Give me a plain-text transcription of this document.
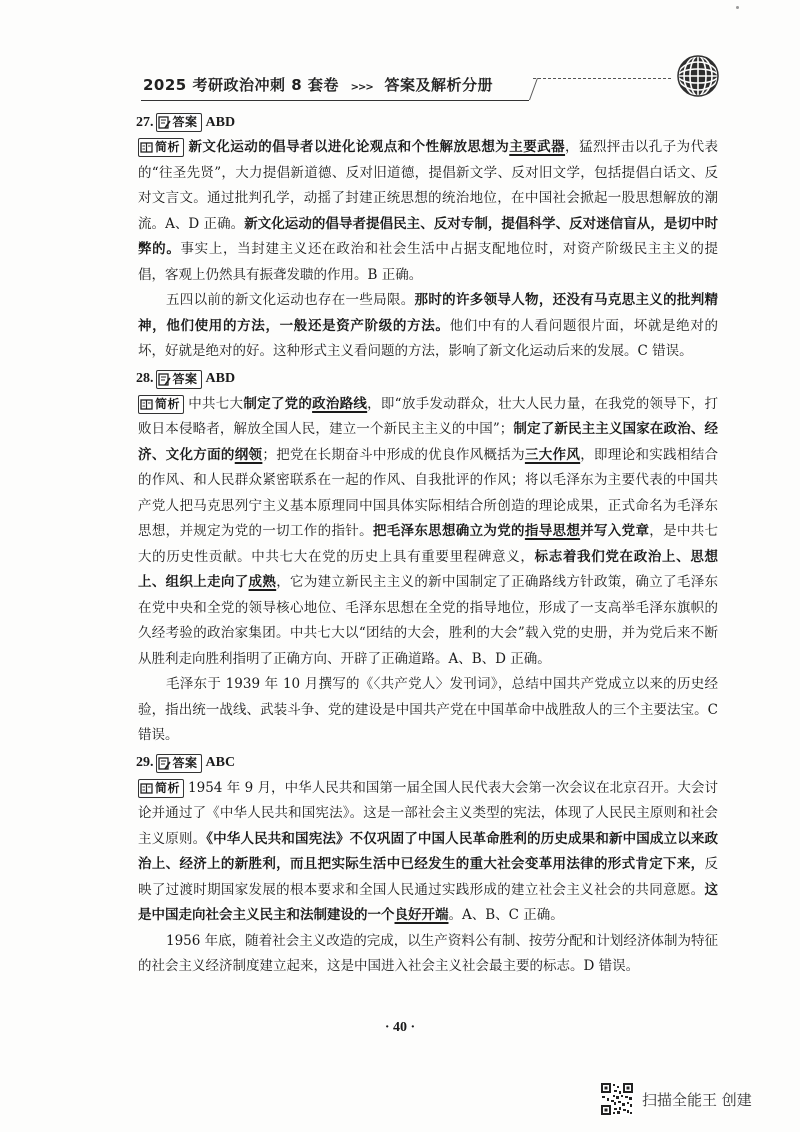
2025 考研政治冲刺 8 套卷 >>> 答案及解析分册
27. 答案 ABD

简析 新文化运动的倡导者以进化论观点和个性解放思想为主要武器，猛烈抨击以孔子为代表的“往圣先贤”，大力提倡新道德、反对旧道德，提倡新文学、反对旧文学，包括提倡白话文、反对文言文。通过批判孔学，动摇了封建正统思想的统治地位，在中国社会掀起一股思想解放的潮流。A、D 正确。新文化运动的倡导者提倡民主、反对专制，提倡科学、反对迷信盲从，是切中时弊的。事实上，当封建主义还在政治和社会生活中占据支配地位时，对资产阶级民主主义的提倡，客观上仍然具有振聋发聩的作用。B 正确。

五四以前的新文化运动也存在一些局限。那时的许多领导人物，还没有马克思主义的批判精神，他们使用的方法，一般还是资产阶级的方法。他们中有的人看问题很片面，坏就是绝对的坏，好就是绝对的好。这种形式主义看问题的方法，影响了新文化运动后来的发展。C 错误。

28. 答案 ABD

简析 中共七大制定了党的政治路线，即“放手发动群众，壮大人民力量，在我党的领导下，打败日本侵略者，解放全国人民，建立一个新民主主义的中国”；制定了新民主主义国家在政治、经济、文化方面的纲领；把党在长期奋斗中形成的优良作风概括为三大作风，即理论和实践相结合的作风、和人民群众紧密联系在一起的作风、自我批评的作风；将以毛泽东为主要代表的中国共产党人把马克思列宁主义基本原理同中国具体实际相结合所创造的理论成果，正式命名为毛泽东思想，并规定为党的一切工作的指针。把毛泽东思想确立为党的指导思想并写入党章，是中共七大的历史性贡献。中共七大在党的历史上具有重要里程碑意义，标志着我们党在政治上、思想上、组织上走向了成熟，它为建立新民主主义的新中国制定了正确路线方针政策，确立了毛泽东在党中央和全党的领导核心地位、毛泽东思想在全党的指导地位，形成了一支高举毛泽东旗帜的久经考验的政治家集团。中共七大以“团结的大会，胜利的大会”载入党的史册，并为党后来不断从胜利走向胜利指明了正确方向、开辟了正确道路。A、B、D 正确。

毛泽东于 1939 年 10 月撰写的《〈共产党人〉发刊词》，总结中国共产党成立以来的历史经验，指出统一战线、武装斗争、党的建设是中国共产党在中国革命中战胜敌人的三个主要法宝。C 错误。

29. 答案 ABC

简析 1954 年 9 月，中华人民共和国第一届全国人民代表大会第一次会议在北京召开。大会讨论并通过了《中华人民共和国宪法》。这是一部社会主义类型的宪法，体现了人民民主原则和社会主义原则。《中华人民共和国宪法》不仅巩固了中国人民革命胜利的历史成果和新中国成立以来政治上、经济上的新胜利，而且把实际生活中已经发生的重大社会变革用法律的形式肯定下来，反映了过渡时期国家发展的根本要求和全国人民通过实践形成的建立社会主义社会的共同意愿。这是中国走向社会主义民主和法制建设的一个良好开端。A、B、C 正确。

1956 年底，随着社会主义改造的完成，以生产资料公有制、按劳分配和计划经济体制为特征的社会主义经济制度建立起来，这是中国进入社会主义社会最主要的标志。D 错误。

· 40 ·
扫描全能王 创建
